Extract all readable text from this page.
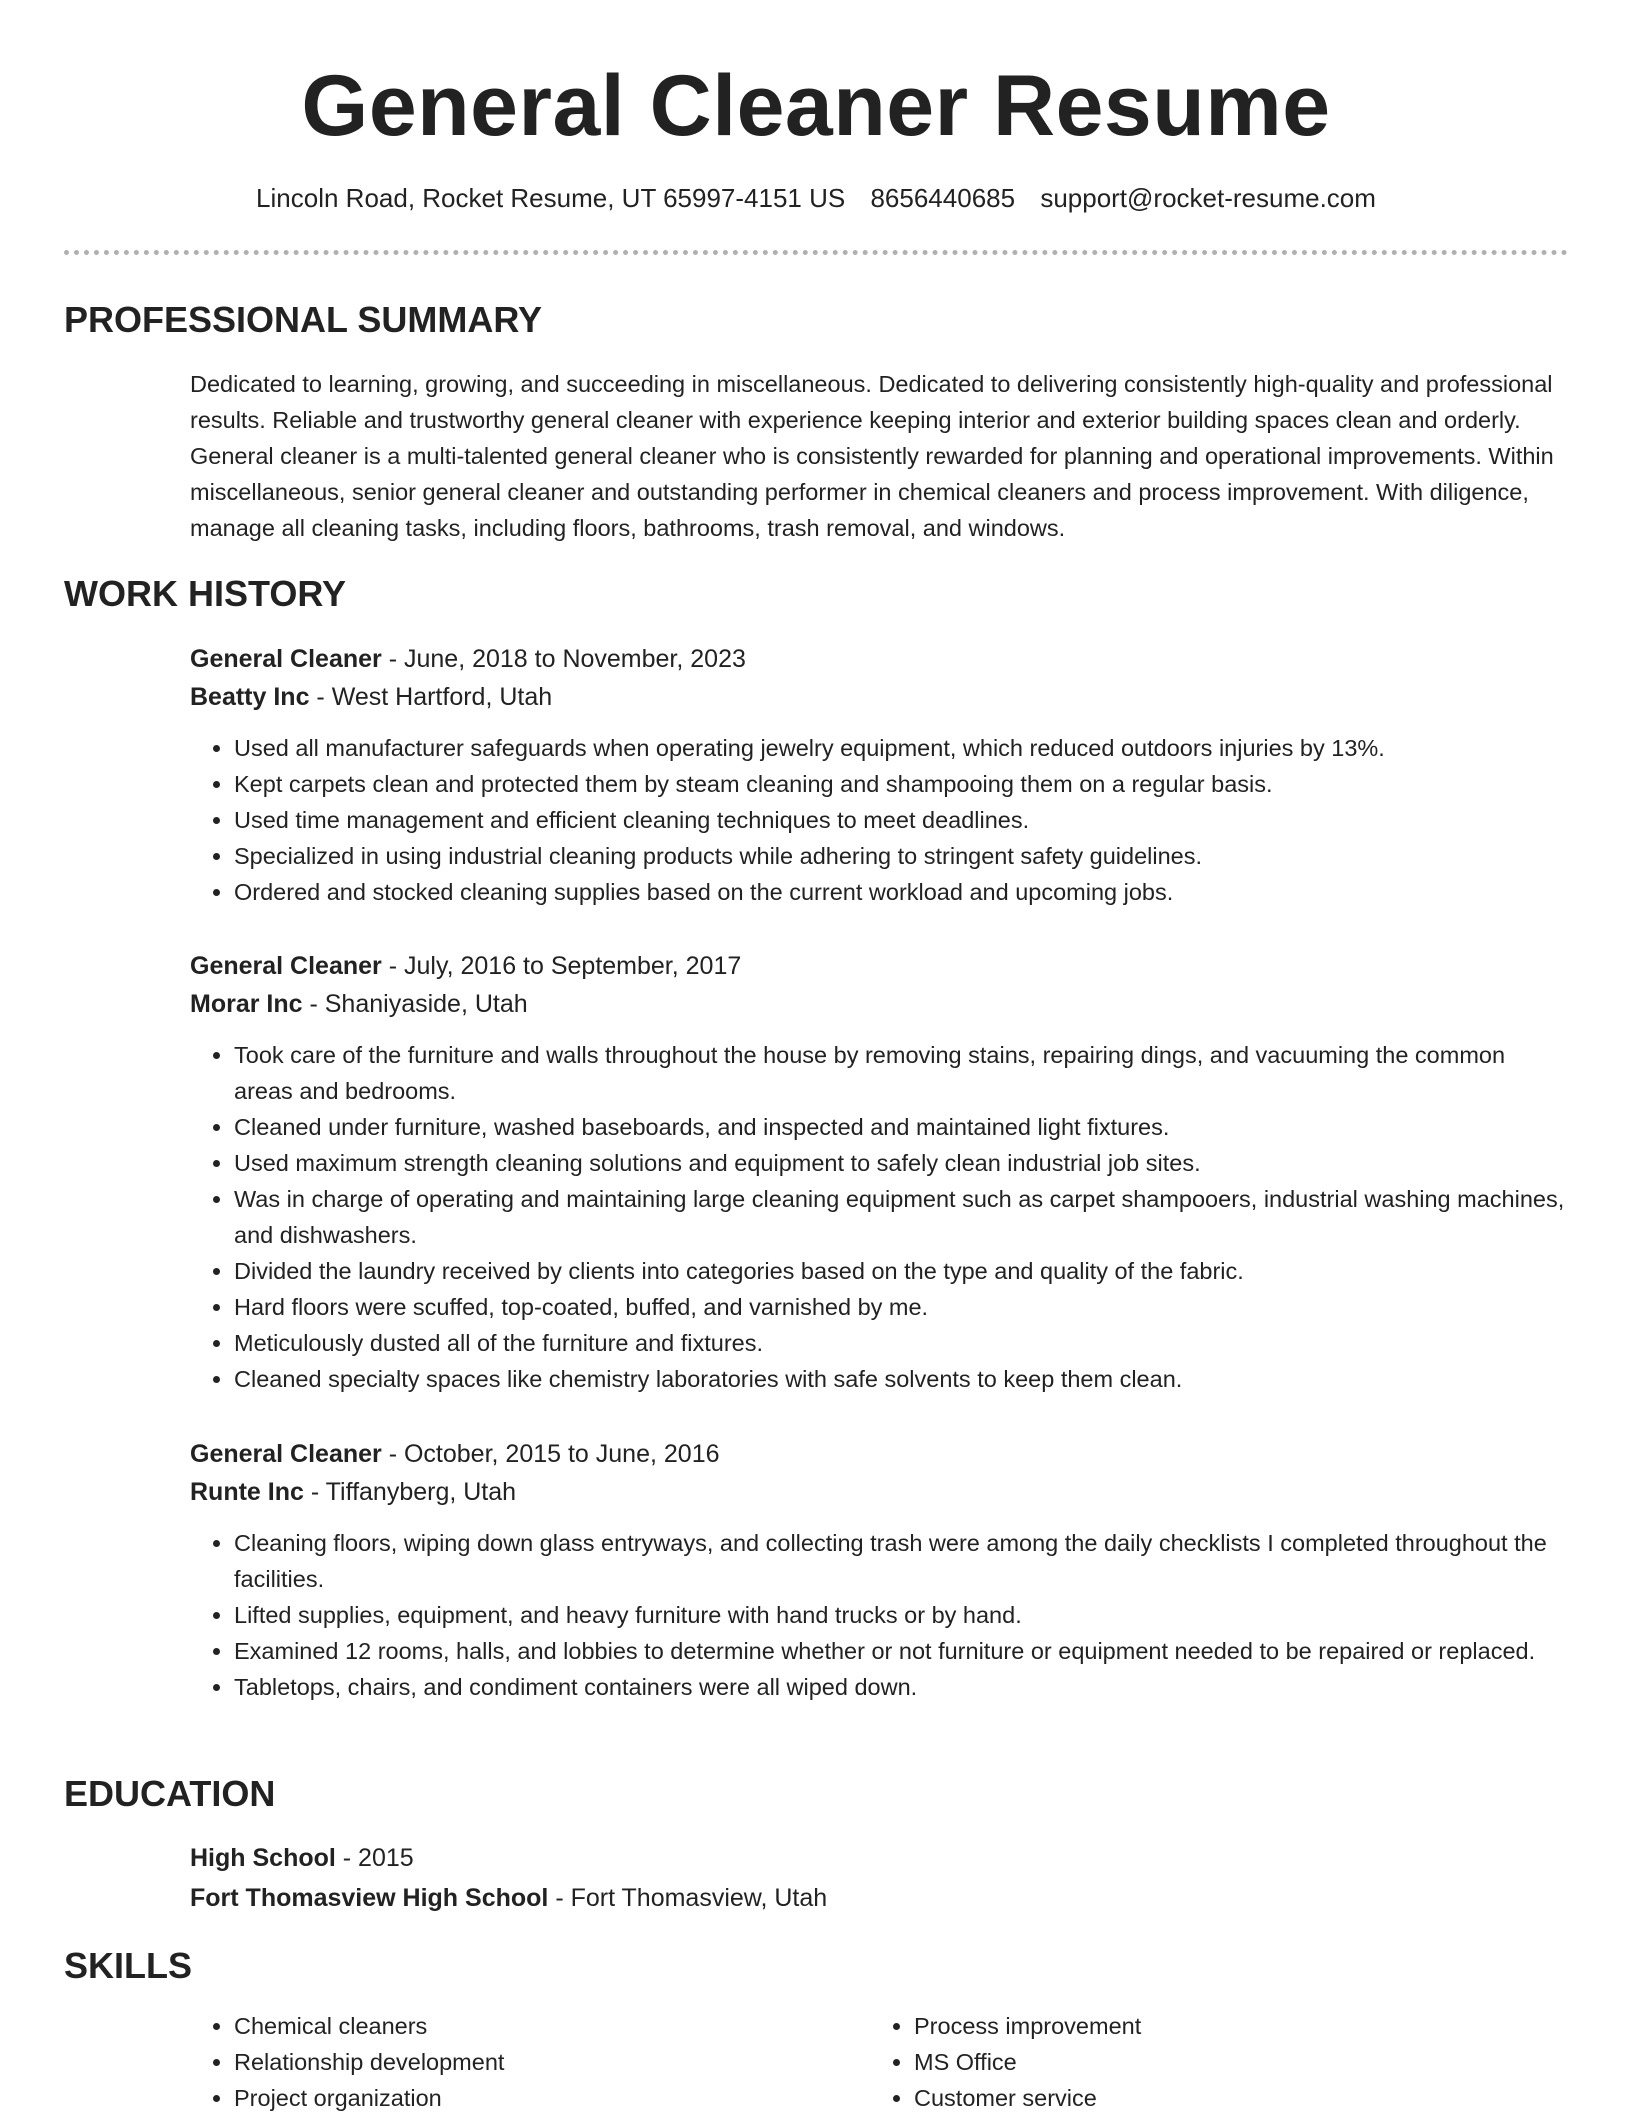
General Cleaner Resume
Lincoln Road, Rocket Resume, UT 65997-4151 US 8656440685 support@rocket-resume.com
PROFESSIONAL SUMMARY

Dedicated to learning, growing, and succeeding in miscellaneous. Dedicated to delivering consistently high-quality and professional results. Reliable and trustworthy general cleaner with experience keeping interior and exterior building spaces clean and orderly. General cleaner is a multi-talented general cleaner who is consistently rewarded for planning and operational improvements. Within miscellaneous, senior general cleaner and outstanding performer in chemical cleaners and process improvement. With diligence, manage all cleaning tasks, including floors, bathrooms, trash removal, and windows.

WORK HISTORY

General Cleaner - June, 2018 to November, 2023

Beatty Inc - West Hartford, Utah

• Used all manufacturer safeguards when operating jewelry equipment, which reduced outdoors injuries by 13%.
• Kept carpets clean and protected them by steam cleaning and shampooing them on a regular basis.
• Used time management and efficient cleaning techniques to meet deadlines.
• Specialized in using industrial cleaning products while adhering to stringent safety guidelines.
• Ordered and stocked cleaning supplies based on the current workload and upcoming jobs.

General Cleaner - July, 2016 to September, 2017

Morar Inc - Shaniyaside, Utah

• Took care of the furniture and walls throughout the house by removing stains, repairing dings, and vacuuming the common areas and bedrooms.
• Cleaned under furniture, washed baseboards, and inspected and maintained light fixtures.
• Used maximum strength cleaning solutions and equipment to safely clean industrial job sites.
• Was in charge of operating and maintaining large cleaning equipment such as carpet shampooers, industrial washing machines, and dishwashers.
• Divided the laundry received by clients into categories based on the type and quality of the fabric.
• Hard floors were scuffed, top-coated, buffed, and varnished by me.
• Meticulously dusted all of the furniture and fixtures.
• Cleaned specialty spaces like chemistry laboratories with safe solvents to keep them clean.

General Cleaner - October, 2015 to June, 2016

Runte Inc - Tiffanyberg, Utah

• Cleaning floors, wiping down glass entryways, and collecting trash were among the daily checklists I completed throughout the facilities.
• Lifted supplies, equipment, and heavy furniture with hand trucks or by hand.
• Examined 12 rooms, halls, and lobbies to determine whether or not furniture or equipment needed to be repaired or replaced.
• Tabletops, chairs, and condiment containers were all wiped down.
EDUCATION

High School - 2015

Fort Thomasview High School - Fort Thomasview, Utah

SKILLS
• Chemical cleaners
• Relationship development
• Project organization
• Process improvement
• MS Office
• Customer service
